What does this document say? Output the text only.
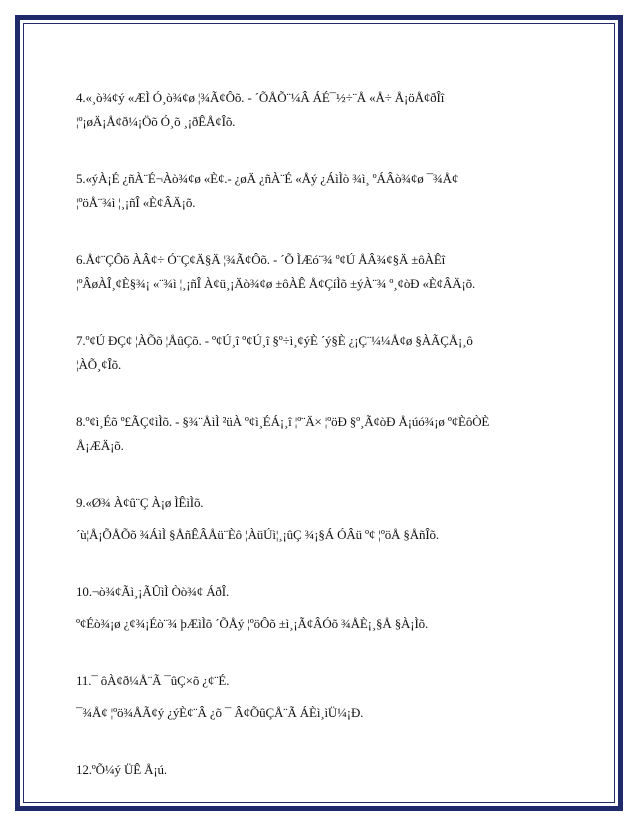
4.«¸ò¾¢ý «ÆÌ Ó¸ò¾¢ø ¦¾Ã¢Ôõ. - ´ÕÅÕ¨¼Â ÁÉ¯½÷¨Å «Å÷ Å¡öÅ¢ðÎî

¦º¡øÄ¡Å¢ð¼¡Öõ Ó¸õ ¸¡ðÊÅ¢Îõ.

5.«ýÀ¡É ¿ñÀ¨É¬Àò¾¢ø «È¢.- ¿øÄ ¿ñÀ¨É «Åý ¿ÁìÌò ¾ì¸ ºÁÂò¾¢ø ¯¾Å¢

¦ºöÅ¨¾ì ¦¸¡ñÎ «È¢ÂÄ¡õ.

6.Å¢¨ÇÔõ ÀÂ¢÷ Ó¨Ç¢Ä§Ä ¦¾Ã¢Ôõ. - ´Õ ÌÆó¨¾ º¢Ú ÅÂ¾¢§Ä ±ôÀÊî

¦ºÂøÀÎ¸¢È§¾¡ «¨¾ì ¦¸¡ñÎ À¢ü¸¡Äò¾¢ø ±ôÀÊ Å¢ÇíÌõ ±ýÀ¨¾ º¸¢òÐ «È¢ÂÄ¡õ.

7.º¢Ú ÐÇ¢ ¦ÀÕõ ¦ÅûÇõ. - º¢Ú¸î º¢Ú¸î §º÷ì¸¢ýÈ ´ý§È ¿¡Ç¨¼¼Å¢ø §ÀÃÇÅ¡¸ô

¦ÀÕ¸¢Îõ.

8.º¢ì¸Éõ º£ÃÇ¢ìÌõ. - §¾¨ÅìÌ ²üÀ º¢ì¸ÉÁ¡¸î ¦º¨Ä× ¦ºöÐ §º¸Ã¢òÐ Å¡úó¾¡ø º¢ÈôÒÈ

Å¡ÆÄ¡õ.

9.«Ø¾ À¢û¨Ç À¡ø ÌÊìÌõ.

´ù¦Å¡ÕÅÕõ ¾ÁìÌ §ÅñÊÂÅü¨Èô ¦ÀüÚì¦¸¡ûÇ ¾¡§Á ÓÂü º¢ ¦ºöÅ §ÅñÎõ.

10.¬ò¾¢Ãì¸¡ÃÛìÌ Òò¾¢ ÁðÎ.

º¢Éò¾¡ø ¿¢¾¡Éò¨¾ þÆìÌõ ´ÕÅý ¦ºöÔõ ±ì¸¡Ã¢ÂÓõ ¾ÅÈ¡¸§Å §À¡Ìõ.

11.¯ ôÀ¢ð¼Å¨Ã ¯ûÇ×õ ¿¢¨É.

¯¾Å¢ ¦ºö¾ÅÃ¢ý ¿ýÈ¢¨Â ¿õ ¯ Â¢ÕûÇÅ¨Ã ÁÈì¸ìÜ¼¡Ð.

12.ºÕ¼ý ÜÊ Å¡ú.
